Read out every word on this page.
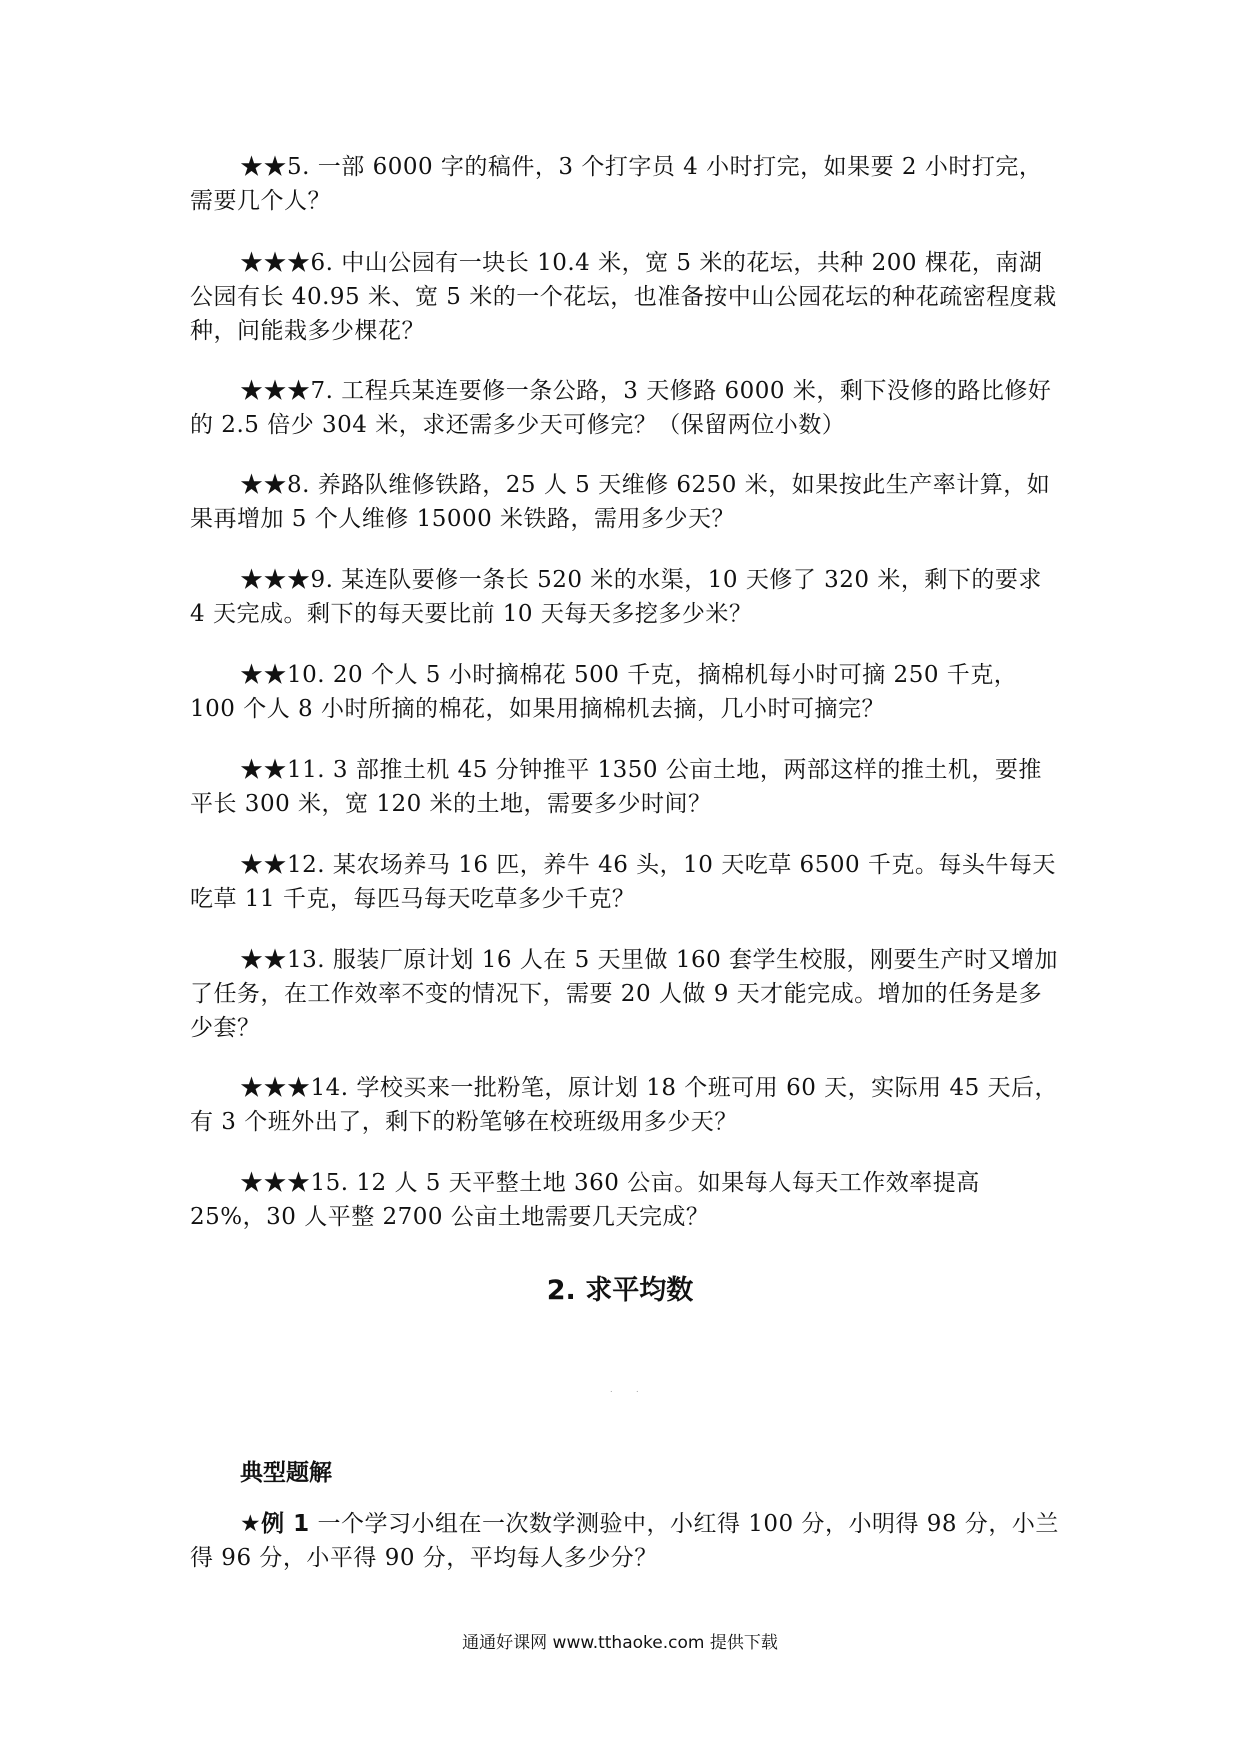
★★5. 一部 6000 字的稿件，3 个打字员 4 小时打完，如果要 2 小时打完，需要几个人？
★★★6. 中山公园有一块长 10.4 米，宽 5 米的花坛，共种 200 棵花，南湖公园有长 40.95 米、宽 5 米的一个花坛，也准备按中山公园花坛的种花疏密程度栽种，问能栽多少棵花？
★★★7. 工程兵某连要修一条公路，3 天修路 6000 米，剩下没修的路比修好的 2.5 倍少 304 米，求还需多少天可修完？（保留两位小数）
★★8. 养路队维修铁路，25 人 5 天维修 6250 米，如果按此生产率计算，如果再增加 5 个人维修 15000 米铁路，需用多少天？
★★★9. 某连队要修一条长 520 米的水渠，10 天修了 320 米，剩下的要求 4 天完成。剩下的每天要比前 10 天每天多挖多少米？
★★10. 20 个人 5 小时摘棉花 500 千克，摘棉机每小时可摘 250 千克，100 个人 8 小时所摘的棉花，如果用摘棉机去摘，几小时可摘完？
★★11. 3 部推土机 45 分钟推平 1350 公亩土地，两部这样的推土机，要推平长 300 米，宽 120 米的土地，需要多少时间？
★★12. 某农场养马 16 匹，养牛 46 头，10 天吃草 6500 千克。每头牛每天吃草 11 千克，每匹马每天吃草多少千克？
★★13. 服装厂原计划 16 人在 5 天里做 160 套学生校服，刚要生产时又增加了任务，在工作效率不变的情况下，需要 20 人做 9 天才能完成。增加的任务是多少套？
★★★14. 学校买来一批粉笔，原计划 18 个班可用 60 天，实际用 45 天后，有 3 个班外出了，剩下的粉笔够在校班级用多少天？
★★★15. 12 人 5 天平整土地 360 公亩。如果每人每天工作效率提高 25%，30 人平整 2700 公亩土地需要几天完成？
2. 求平均数
.	.
典型题解
★例 1 一个学习小组在一次数学测验中，小红得 100 分，小明得 98 分，小兰得 96 分，小平得 90 分，平均每人多少分？
通通好课网 www.tthaoke.com 提供下载
